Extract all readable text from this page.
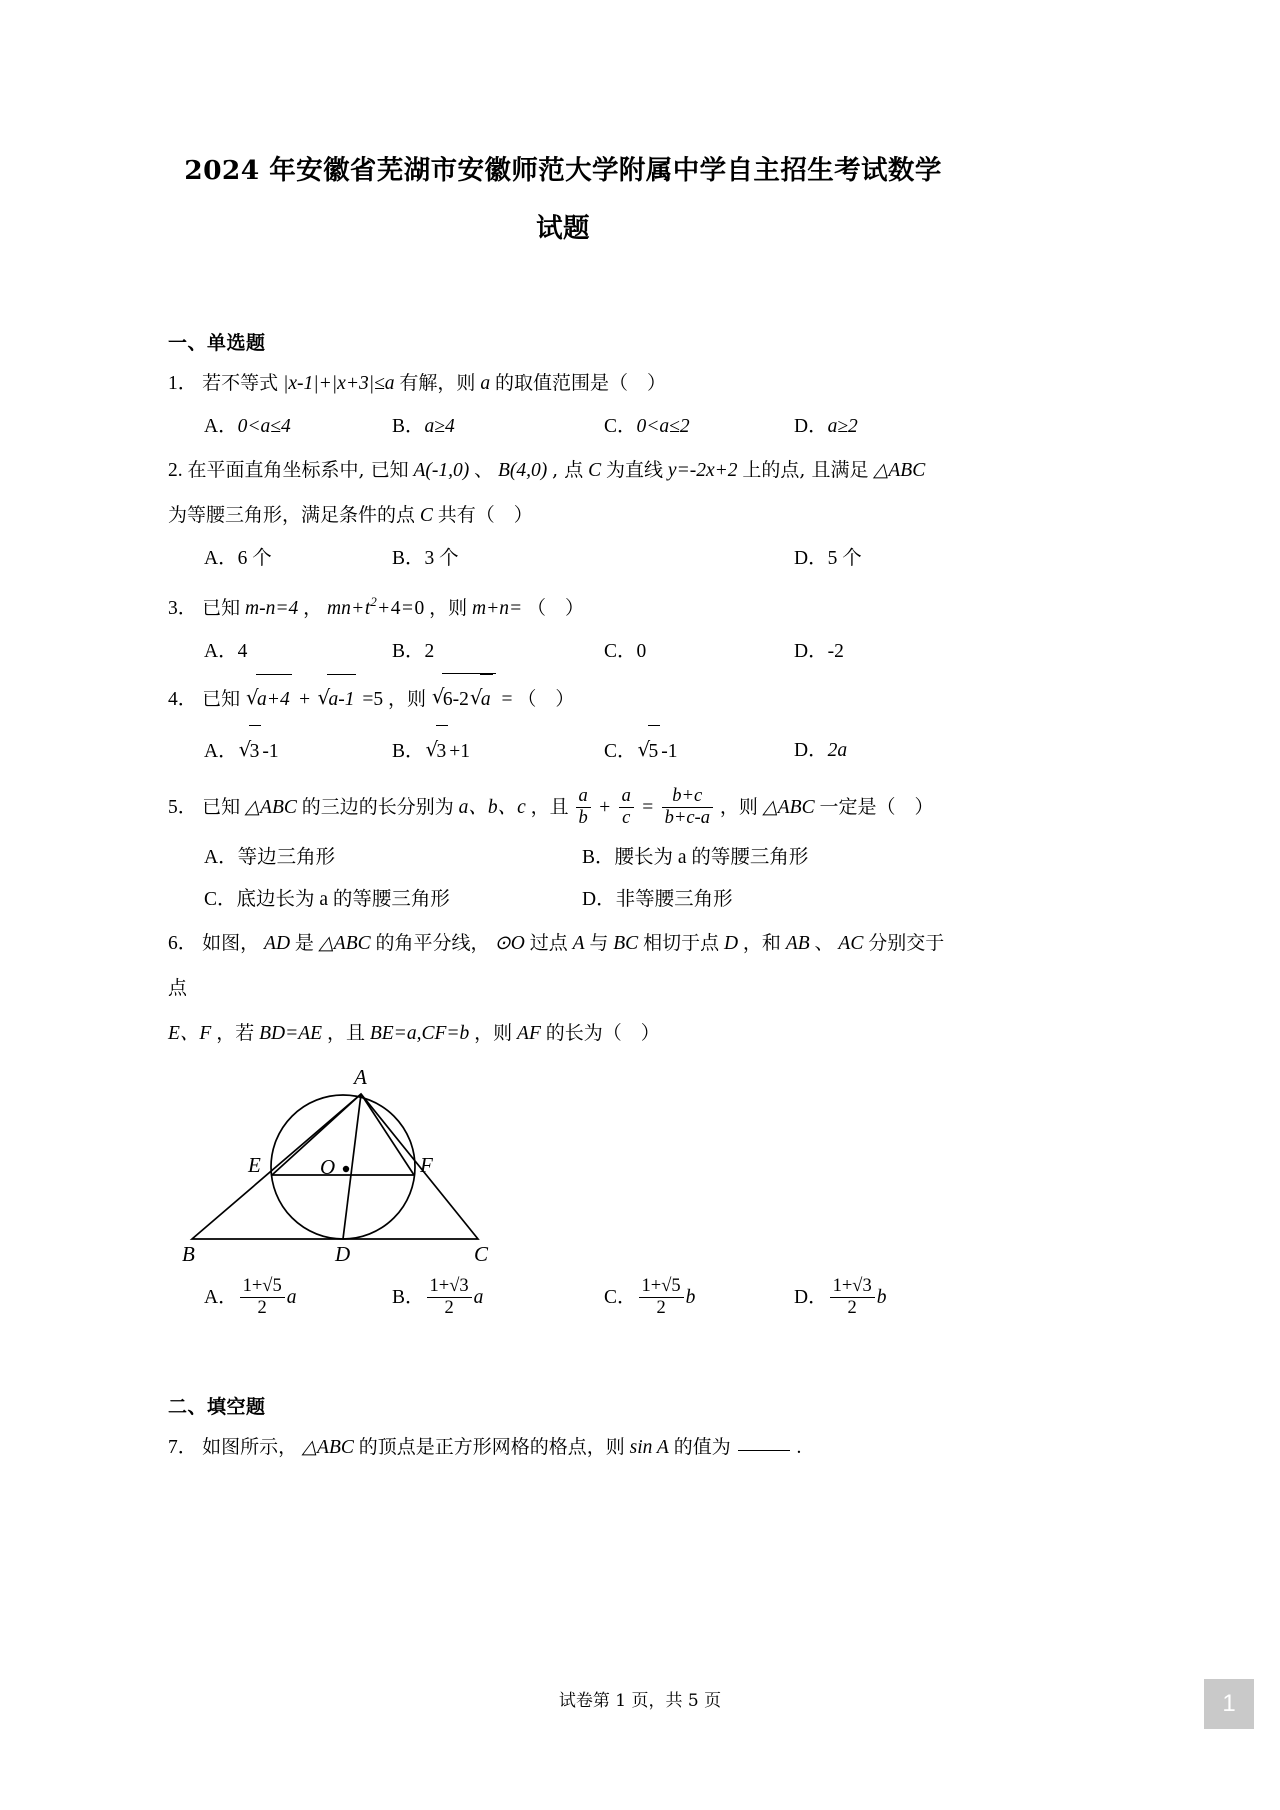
2024 年安徽省芜湖市安徽师范大学附属中学自主招生考试数学
试题
一、单选题
1． 若不等式 |x-1|+|x+3|≤a 有解，则 a 的取值范围是（　）
A．0<a≤4	B．a≥4	C．0<a≤2	D．a≥2
2. 在平面直角坐标系中, 已知 A(-1,0) 、 B(4,0) , 点 C 为直线 y=-2x+2 上的点, 且满足 △ABC
为等腰三角形，满足条件的点 C 共有（　）
A．6 个	B．3 个	D．5 个
3． 已知 m-n=4 ， $mn+t^2+4=0$ ，则 m+n= （　）
A．4	B．2	C．0	D．-2
4． 已知 √ a+4 + √ a-1 =5 ，则 √ 6-2 √ a = （　）
A． √ 3 -1	B． √ 3 +1	C． √ 5 -1	D．2a
5． 已知 △ABC 的三边的长分别为 a、b、c ，且 $\frac{a}{b} + \frac{a}{c} = \frac{b+c}{b+c-a}$ ，则 △ABC 一定是（　）
A．等边三角形	B．腰长为 a 的等腰三角形
C．底边长为 a 的等腰三角形	D．非等腰三角形
6． 如图， AD 是 △ABC 的角平分线， ⊙O 过点 A 与 BC 相切于点 D ，和 AB 、 AC 分别交于点
E、F ，若 BD=AE ，且 BE=a,CF=b ，则 AF 的长为（　）
A
E	O	F
B	D	C
A． $\frac{1+√5}{2}$ a	B． $\frac{1+√3}{2}$ a	C． $\frac{1+√5}{2}$ b	D． $\frac{1+√3}{2}$ b
二、填空题
7． 如图所示， △ABC 的顶点是正方形网格的格点，则 sin A 的值为	.
试卷第 1 页，共 5 页	1
